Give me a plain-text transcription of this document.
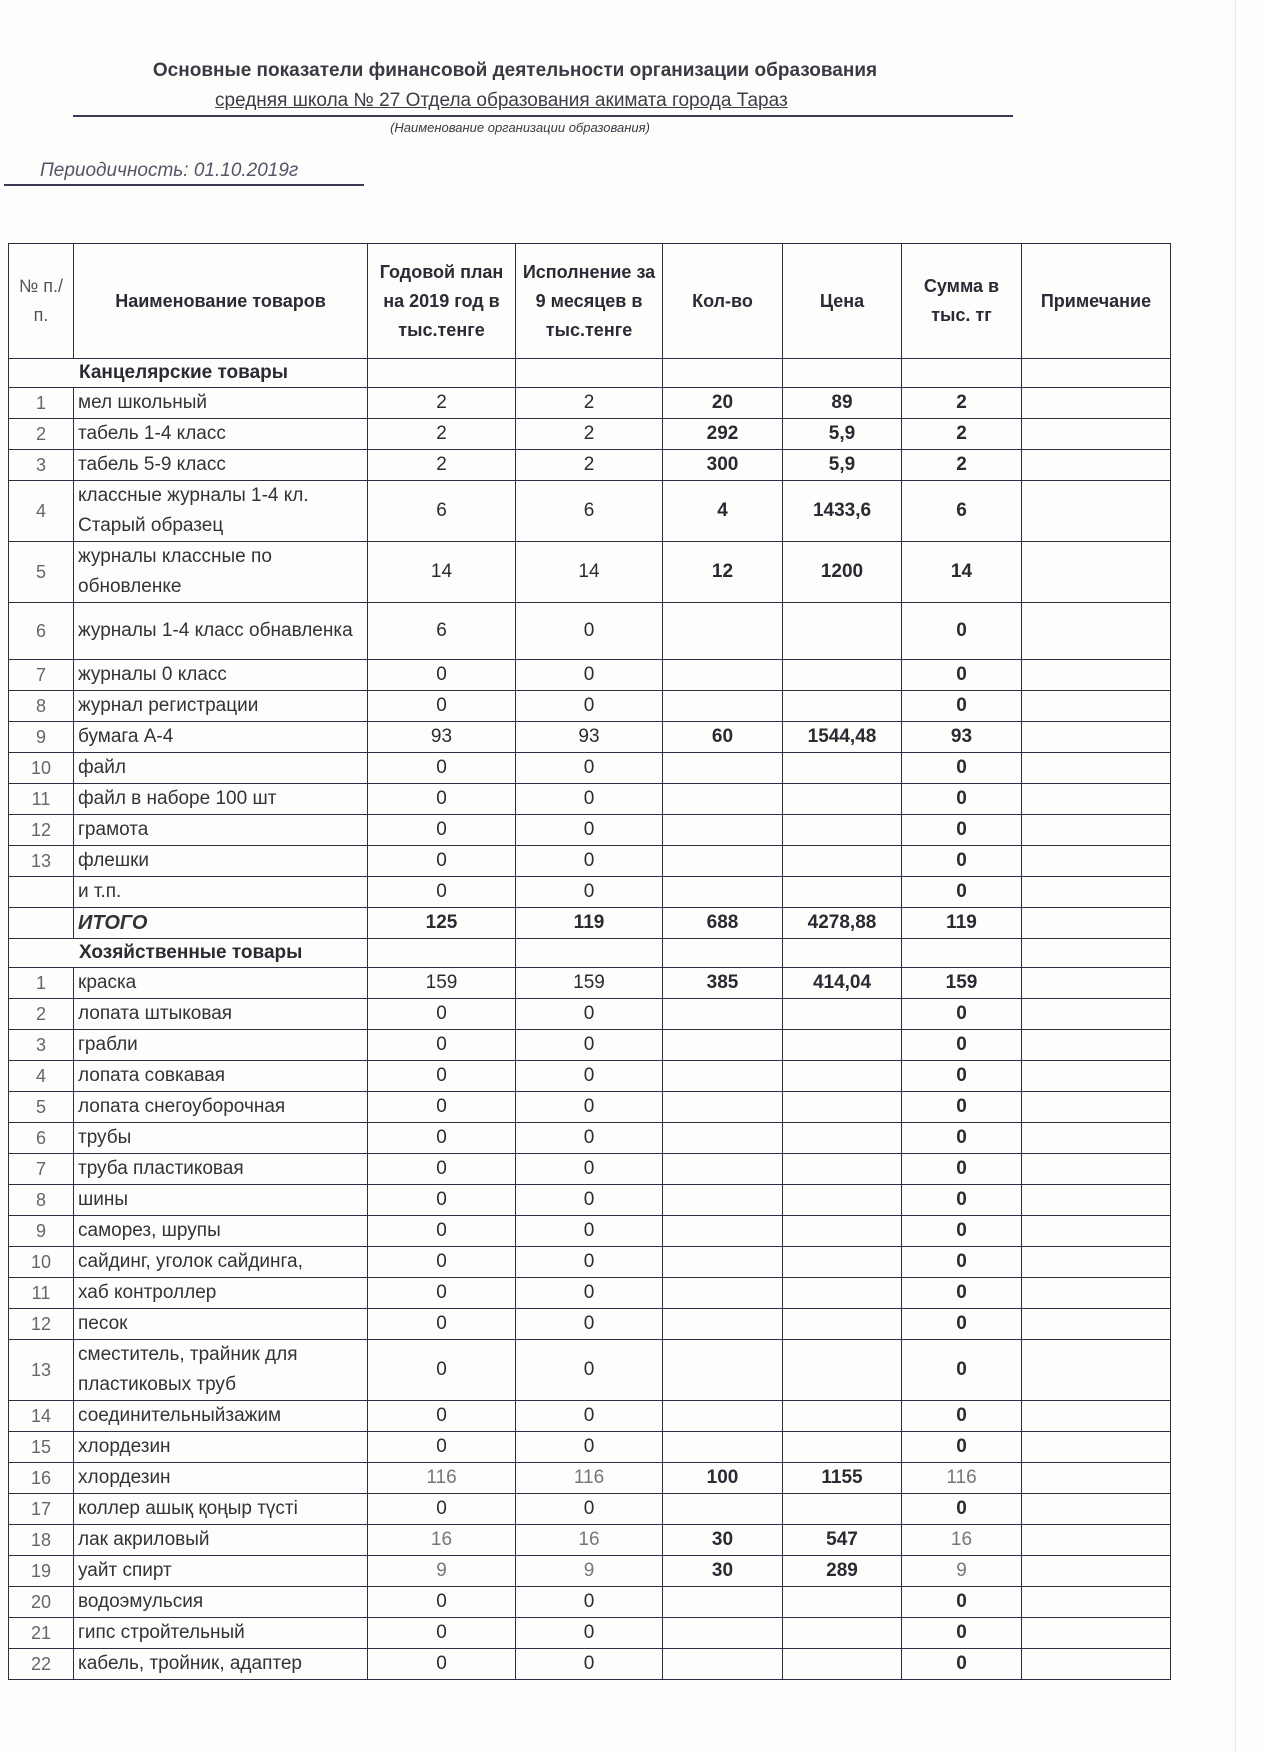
Основные показатели финансовой деятельности организации образования
средняя школа № 27 Отдела образования акимата города Тараз
(Наименование организации образования)
Периодичность: 01.10.2019г
№ п./п.	Наименование товаров	Годовой план на 2019 год в тыс.тенге	Исполнение за 9 месяцев в тыс.тенге	Кол-во	Цена	Сумма в тыс. тг	Примечание
Канцелярские товары							
1	мел школьный	2	2	20	89	2	
2	табель 1-4 класс	2	2	292	5,9	2	
3	табель 5-9 класс	2	2	300	5,9	2	
4	классные журналы 1-4 кл. Старый образец	6	6	4	1433,6	6	
5	журналы классные по обновленке	14	14	12	1200	14	
6	журналы 1-4 класс обнавленка	6	0			0	
7	журналы 0 класс	0	0			0	
8	журнал регистрации	0	0			0	
9	бумага А-4	93	93	60	1544,48	93	
10	файл	0	0			0	
11	файл в наборе 100 шт	0	0			0	
12	грамота	0	0			0	
13	флешки	0	0			0	
	и т.п.	0	0			0	
	ИТОГО	125	119	688	4278,88	119	
Хозяйственные товары							
1	краска	159	159	385	414,04	159	
2	лопата штыковая	0	0			0	
3	грабли	0	0			0	
4	лопата совкавая	0	0			0	
5	лопата снегоуборочная	0	0			0	
6	трубы	0	0			0	
7	труба пластиковая	0	0			0	
8	шины	0	0			0	
9	саморез, шрупы	0	0			0	
10	сайдинг, уголок сайдинга,	0	0			0	
11	хаб контроллер	0	0			0	
12	песок	0	0			0	
13	сместитель, трайник для пластиковых труб	0	0			0	
14	соединительныйзажим	0	0			0	
15	хлордезин	0	0			0	
16	хлордезин	116	116	100	1155	116	
17	коллер ашық қоңыр түсті	0	0			0	
18	лак акриловый	16	16	30	547	16	
19	уайт спирт	9	9	30	289	9	
20	водоэмульсия	0	0			0	
21	гипс стройтельный	0	0			0	
22	кабель, тройник, адаптер	0	0			0	
